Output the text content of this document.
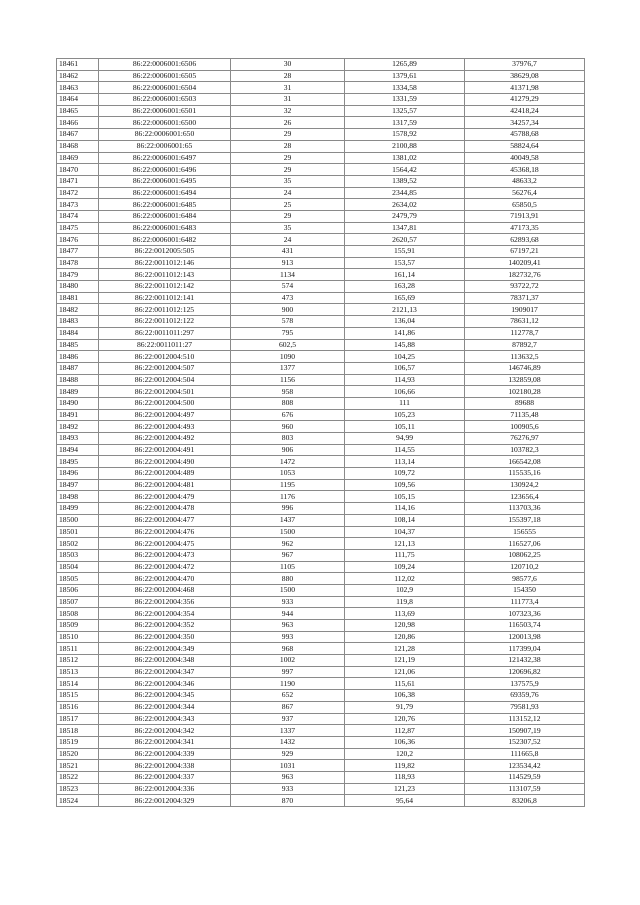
18461	86:22:0006001:6506	30	1265,89	37976,7
18462	86:22:0006001:6505	28	1379,61	38629,08
18463	86:22:0006001:6504	31	1334,58	41371,98
18464	86:22:0006001:6503	31	1331,59	41279,29
18465	86:22:0006001:6501	32	1325,57	42418,24
18466	86:22:0006001:6500	26	1317,59	34257,34
18467	86:22:0006001:650	29	1578,92	45788,68
18468	86:22:0006001:65	28	2100,88	58824,64
18469	86:22:0006001:6497	29	1381,02	40049,58
18470	86:22:0006001:6496	29	1564,42	45368,18
18471	86:22:0006001:6495	35	1389,52	48633,2
18472	86:22:0006001:6494	24	2344,85	56276,4
18473	86:22:0006001:6485	25	2634,02	65850,5
18474	86:22:0006001:6484	29	2479,79	71913,91
18475	86:22:0006001:6483	35	1347,81	47173,35
18476	86:22:0006001:6482	24	2620,57	62893,68
18477	86:22:0012005:505	431	155,91	67197,21
18478	86:22:0011012:146	913	153,57	140209,41
18479	86:22:0011012:143	1134	161,14	182732,76
18480	86:22:0011012:142	574	163,28	93722,72
18481	86:22:0011012:141	473	165,69	78371,37
18482	86:22:0011012:125	900	2121,13	1909017
18483	86:22:0011012:122	578	136,04	78631,12
18484	86:22:0011011:297	795	141,86	112778,7
18485	86:22:0011011:27	602,5	145,88	87892,7
18486	86:22:0012004:510	1090	104,25	113632,5
18487	86:22:0012004:507	1377	106,57	146746,89
18488	86:22:0012004:504	1156	114,93	132859,08
18489	86:22:0012004:501	958	106,66	102180,28
18490	86:22:0012004:500	808	111	89688
18491	86:22:0012004:497	676	105,23	71135,48
18492	86:22:0012004:493	960	105,11	100905,6
18493	86:22:0012004:492	803	94,99	76276,97
18494	86:22:0012004:491	906	114,55	103782,3
18495	86:22:0012004:490	1472	113,14	166542,08
18496	86:22:0012004:489	1053	109,72	115535,16
18497	86:22:0012004:481	1195	109,56	130924,2
18498	86:22:0012004:479	1176	105,15	123656,4
18499	86:22:0012004:478	996	114,16	113703,36
18500	86:22:0012004:477	1437	108,14	155397,18
18501	86:22:0012004:476	1500	104,37	156555
18502	86:22:0012004:475	962	121,13	116527,06
18503	86:22:0012004:473	967	111,75	108062,25
18504	86:22:0012004:472	1105	109,24	120710,2
18505	86:22:0012004:470	880	112,02	98577,6
18506	86:22:0012004:468	1500	102,9	154350
18507	86:22:0012004:356	933	119,8	111773,4
18508	86:22:0012004:354	944	113,69	107323,36
18509	86:22:0012004:352	963	120,98	116503,74
18510	86:22:0012004:350	993	120,86	120013,98
18511	86:22:0012004:349	968	121,28	117399,04
18512	86:22:0012004:348	1002	121,19	121432,38
18513	86:22:0012004:347	997	121,06	120696,82
18514	86:22:0012004:346	1190	115,61	137575,9
18515	86:22:0012004:345	652	106,38	69359,76
18516	86:22:0012004:344	867	91,79	79581,93
18517	86:22:0012004:343	937	120,76	113152,12
18518	86:22:0012004:342	1337	112,87	150907,19
18519	86:22:0012004:341	1432	106,36	152307,52
18520	86:22:0012004:339	929	120,2	111665,8
18521	86:22:0012004:338	1031	119,82	123534,42
18522	86:22:0012004:337	963	118,93	114529,59
18523	86:22:0012004:336	933	121,23	113107,59
18524	86:22:0012004:329	870	95,64	83206,8
